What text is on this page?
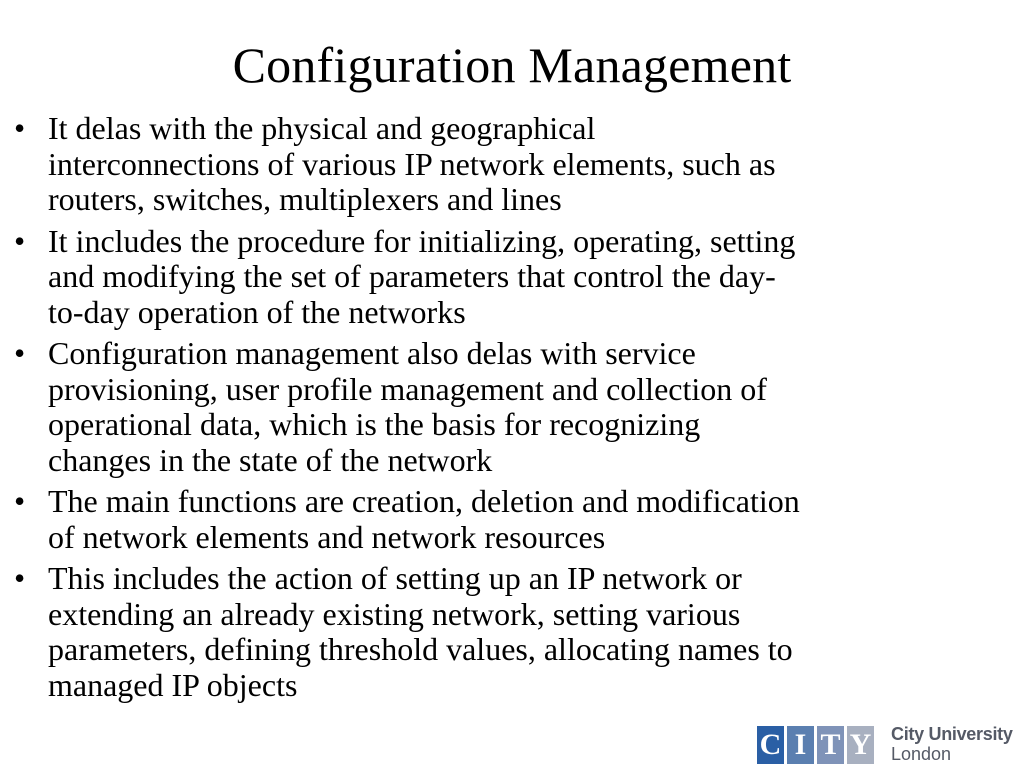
Configuration Management
• It delas with the physical and geographical
interconnections of various IP network elements, such as
routers, switches, multiplexers and lines
• It includes the procedure for initializing, operating, setting
and modifying the set of parameters that control the day-
to-day operation of the networks
• Configuration management also delas with service
provisioning, user profile management and collection of
operational data, which is the basis for recognizing
changes in the state of the network
• The main functions are creation, deletion and modification
of network elements and network resources
• This includes the action of setting up an IP network or
extending an already existing network, setting various
parameters, defining threshold values, allocating names to
managed IP objects
C I T Y City University
London
